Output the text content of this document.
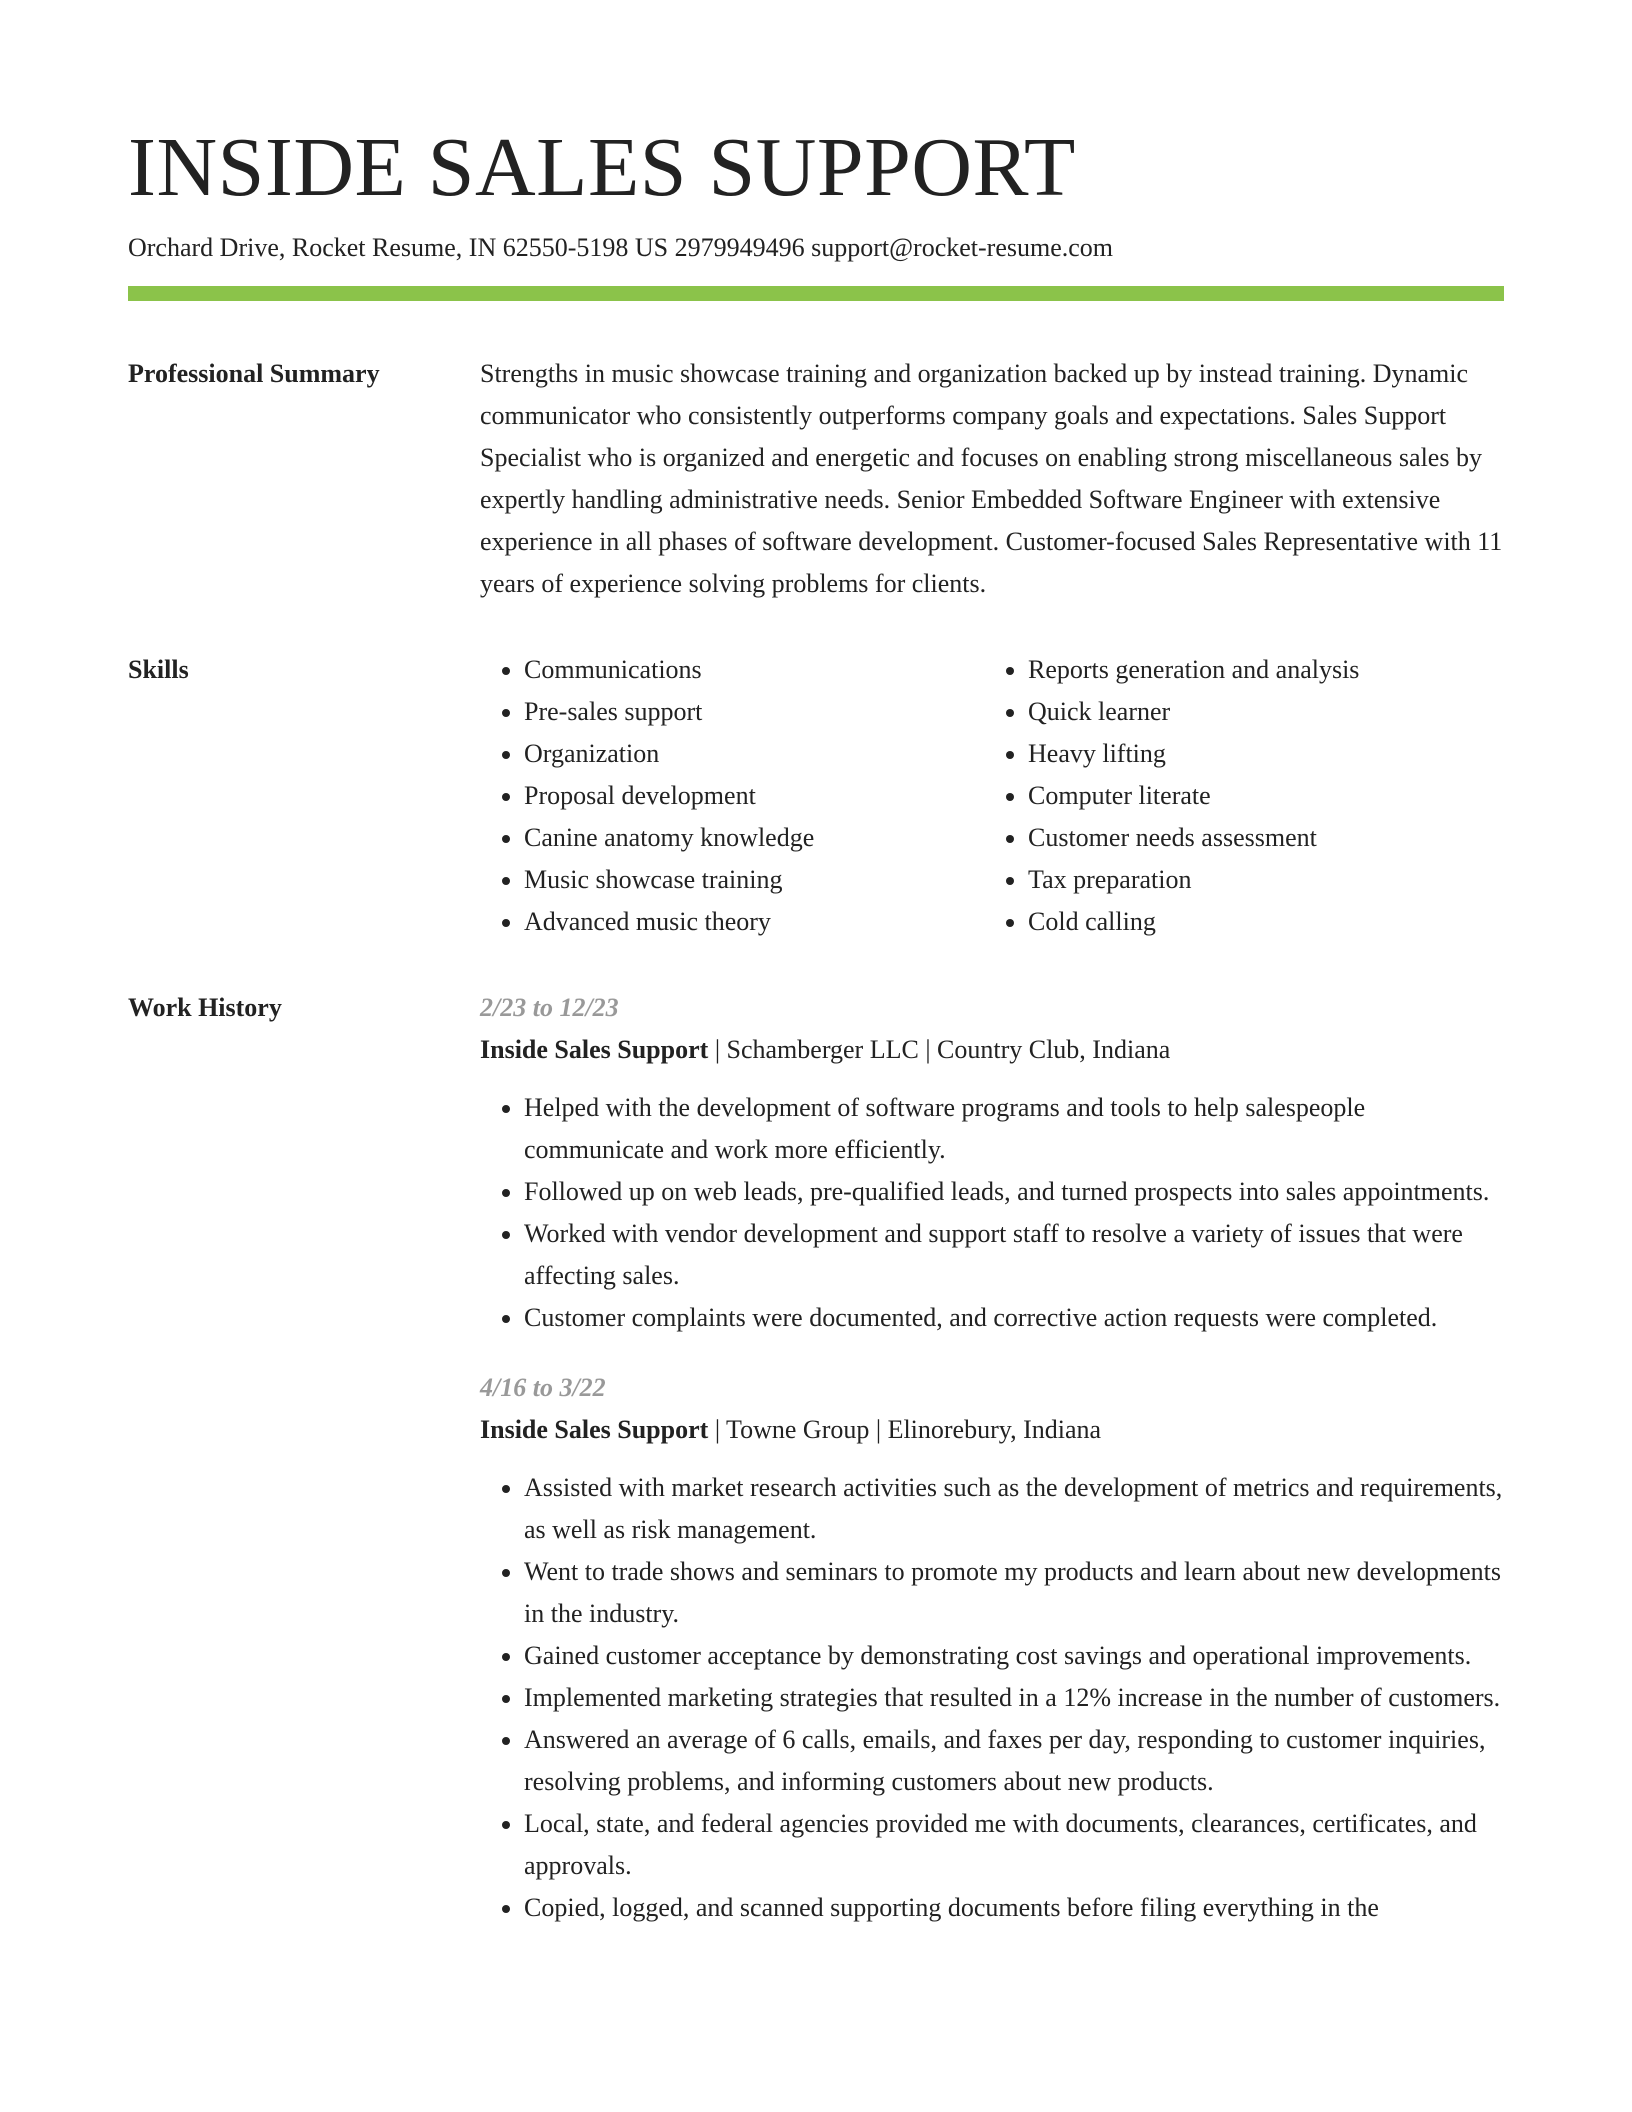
INSIDE SALES SUPPORT
Orchard Drive, Rocket Resume, IN 62550-5198 US 2979949496 support@rocket-resume.com
Professional Summary	Strengths in music showcase training and organization backed up by instead training. Dynamic communicator who consistently outperforms company goals and expectations. Sales Support Specialist who is organized and energetic and focuses on enabling strong miscellaneous sales by expertly handling administrative needs. Senior Embedded Software Engineer with extensive experience in all phases of software development. Customer-focused Sales Representative with 11 years of experience solving problems for clients.

Skills
•	Communications
• Pre-sales support
• Organization
• Proposal development
• Canine anatomy knowledge
• Music showcase training
• Advanced music theory
• Reports generation and analysis
• Quick learner
• Heavy lifting
• Computer literate
• Customer needs assessment
• Tax preparation
• Cold calling
Work History	2/23 to 12/23
Inside Sales Support | Schamberger LLC | Country Club, Indiana
• Helped with the development of software programs and tools to help salespeople communicate and work more efficiently.
• Followed up on web leads, pre-qualified leads, and turned prospects into sales appointments.
• Worked with vendor development and support staff to resolve a variety of issues that were affecting sales.
• Customer complaints were documented, and corrective action requests were completed.
4/16 to 3/22
Inside Sales Support | Towne Group | Elinorebury, Indiana
• Assisted with market research activities such as the development of metrics and requirements, as well as risk management.
• Went to trade shows and seminars to promote my products and learn about new developments in the industry.
• Gained customer acceptance by demonstrating cost savings and operational improvements.
• Implemented marketing strategies that resulted in a 12% increase in the number of customers.
• Answered an average of 6 calls, emails, and faxes per day, responding to customer inquiries, resolving problems, and informing customers about new products.
• Local, state, and federal agencies provided me with documents, clearances, certificates, and approvals.
• Copied, logged, and scanned supporting documents before filing everything in the
